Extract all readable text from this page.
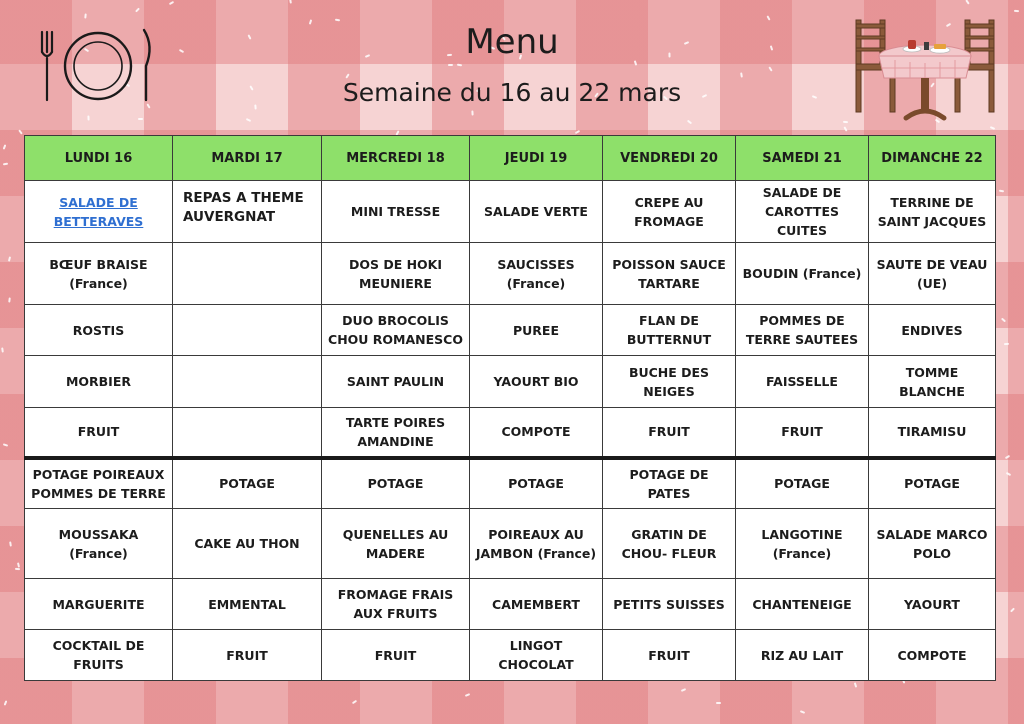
Menu
Semaine du 16 au 22 mars
LUNDI 16	MARDI 17	MERCREDI 18	JEUDI 19	VENDREDI 20	SAMEDI 21	DIMANCHE 22
SALADE DE BETTERAVES	REPAS A THEME AUVERGNAT	MINI TRESSE	SALADE VERTE	CREPE AU FROMAGE	SALADE DE CAROTTES CUITES	TERRINE DE SAINT JACQUES
BŒUF BRAISE (France)		DOS DE HOKI MEUNIERE	SAUCISSES (France)	POISSON SAUCE TARTARE	BOUDIN (France)	SAUTE DE VEAU (UE)
ROSTIS		DUO BROCOLIS CHOU ROMANESCO	PUREE	FLAN DE BUTTERNUT	POMMES DE TERRE SAUTEES	ENDIVES
MORBIER		SAINT PAULIN	YAOURT BIO	BUCHE DES NEIGES	FAISSELLE	TOMME BLANCHE
FRUIT		TARTE POIRES AMANDINE	COMPOTE	FRUIT	FRUIT	TIRAMISU
POTAGE POIREAUX POMMES DE TERRE	POTAGE	POTAGE	POTAGE	POTAGE DE PATES	POTAGE	POTAGE
MOUSSAKA (France)	CAKE AU THON	QUENELLES AU MADERE	POIREAUX AU JAMBON (France)	GRATIN DE CHOU- FLEUR	LANGOTINE (France)	SALADE MARCO POLO
MARGUERITE	EMMENTAL	FROMAGE FRAIS AUX FRUITS	CAMEMBERT	PETITS SUISSES	CHANTENEIGE	YAOURT
COCKTAIL DE FRUITS	FRUIT	FRUIT	LINGOT CHOCOLAT	FRUIT	RIZ AU LAIT	COMPOTE
